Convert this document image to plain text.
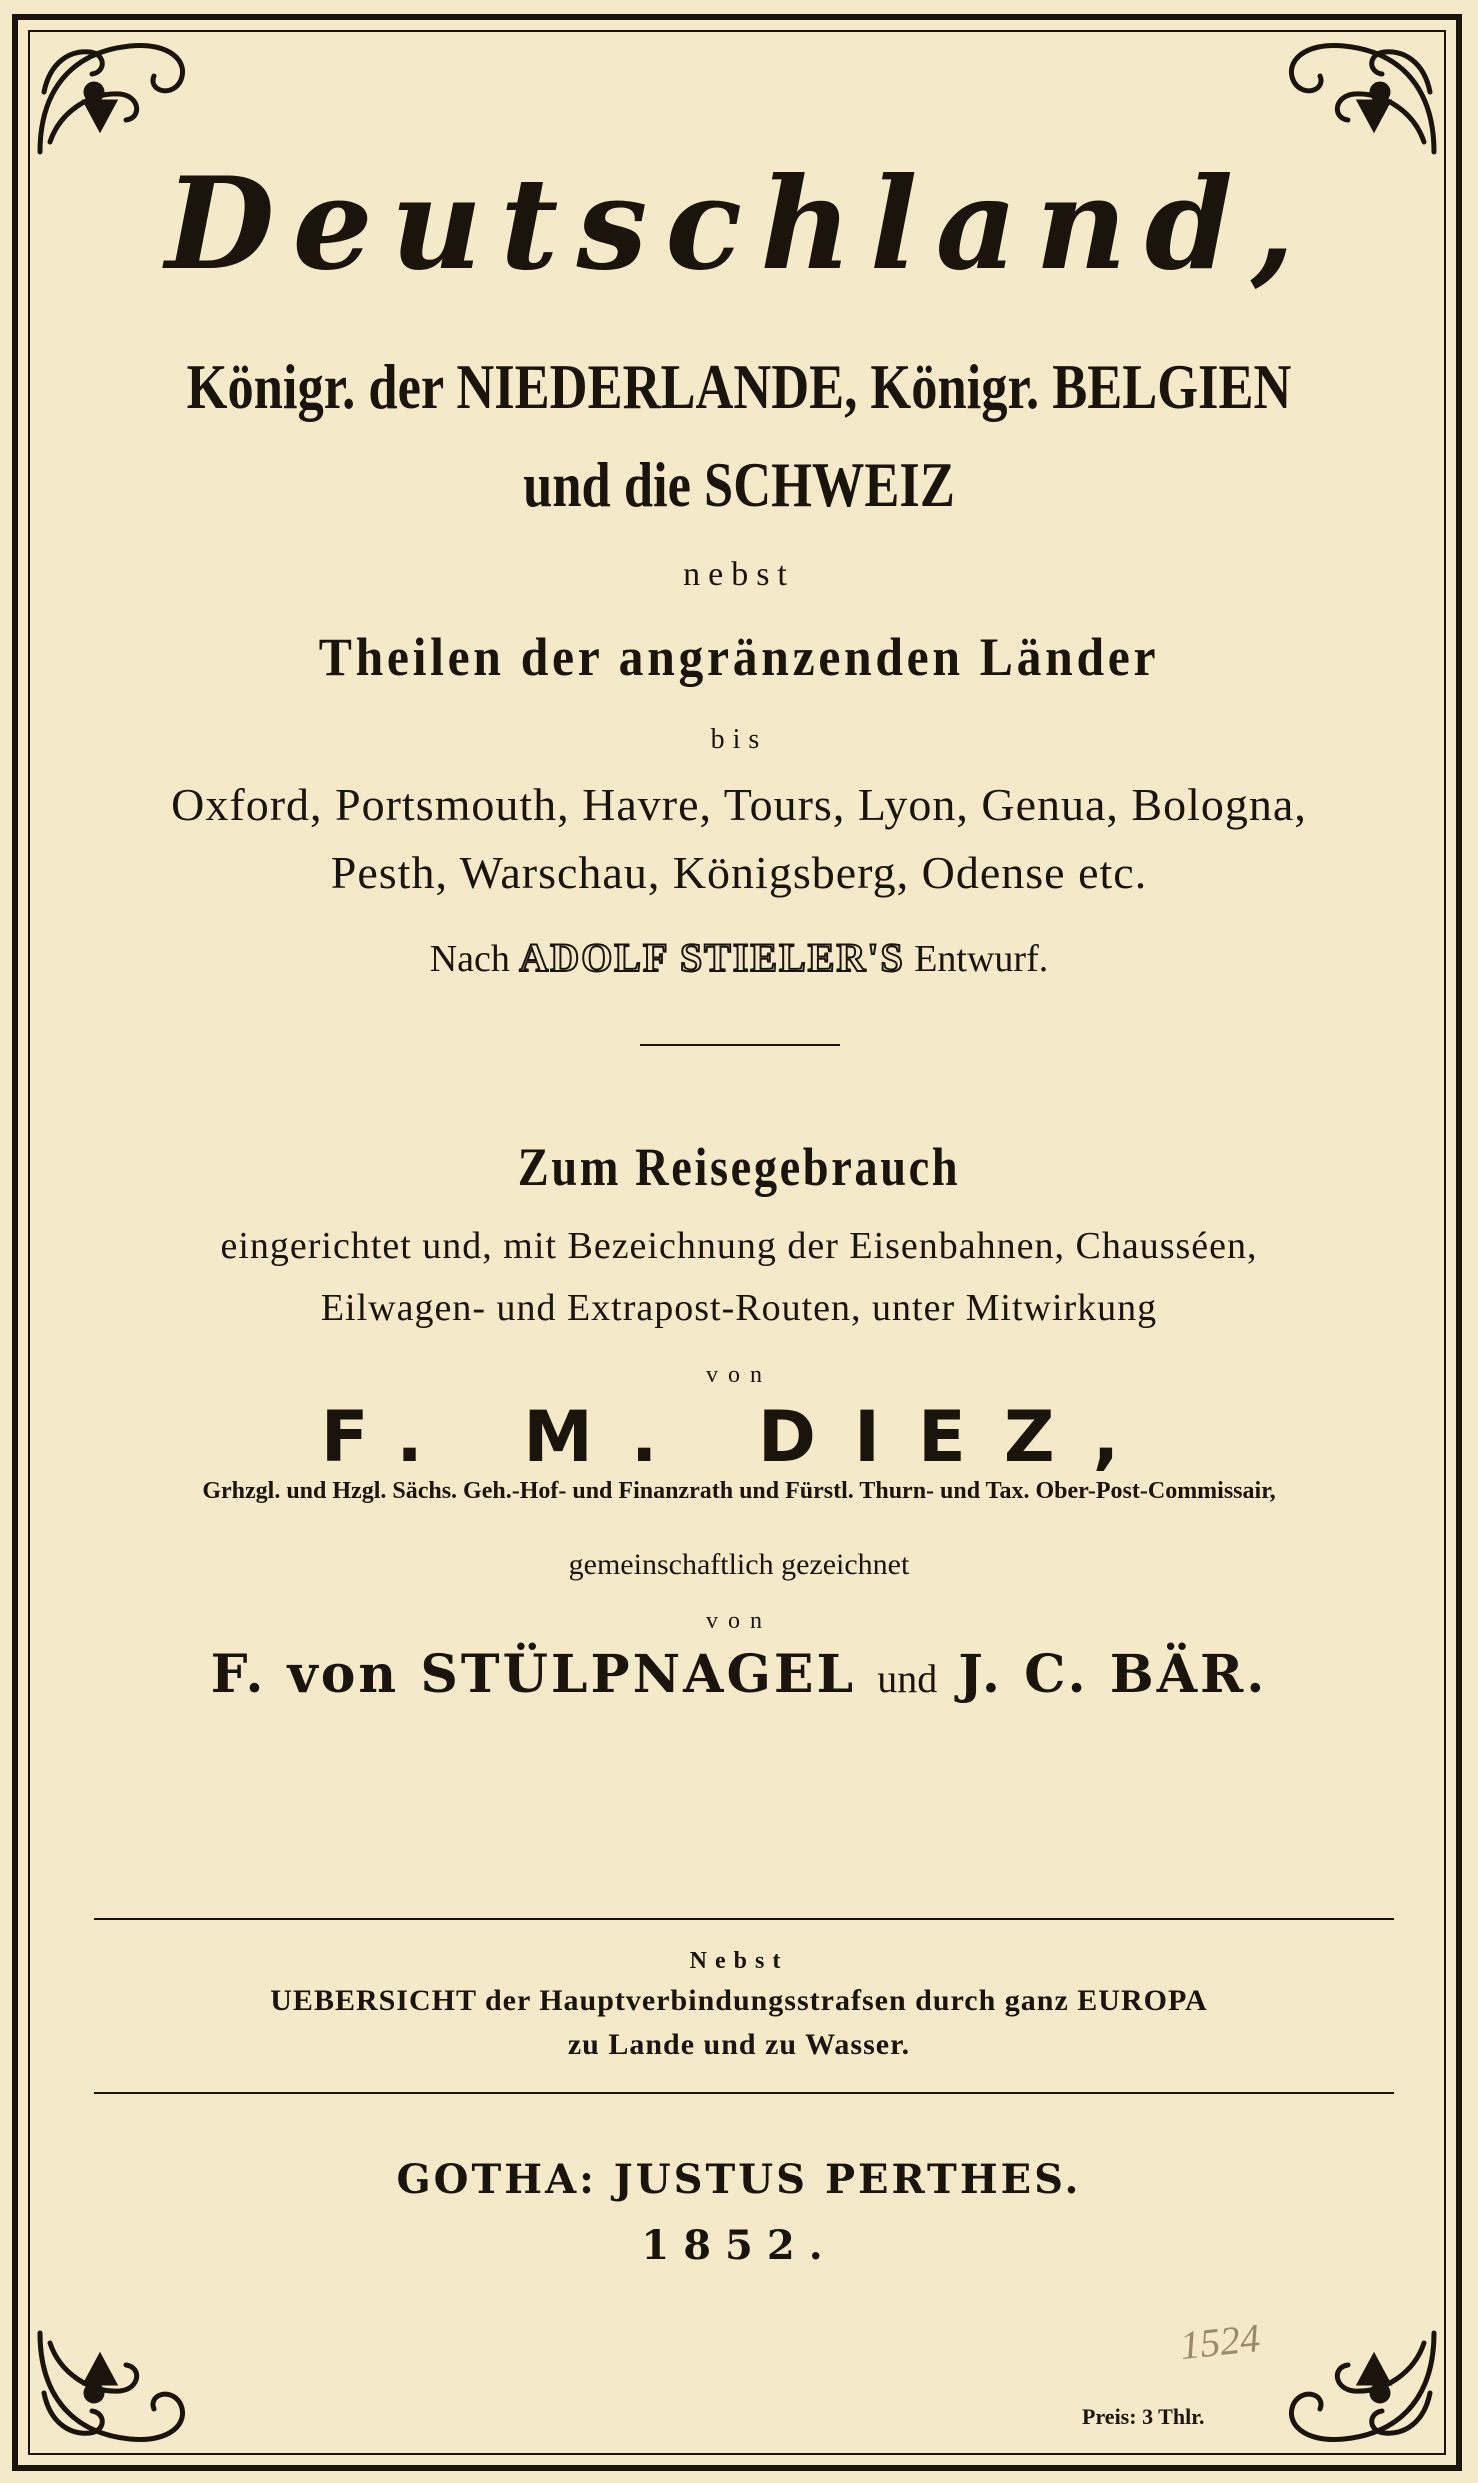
Deutschland,
Königr. der NIEDERLANDE, Königr. BELGIEN
und die SCHWEIZ
nebst
Theilen der angränzenden Länder
bis
Oxford, Portsmouth, Havre, Tours, Lyon, Genua, Bologna,
Pesth, Warschau, Königsberg, Odense etc.
Nach ADOLF STIELER'S Entwurf.
Zum Reisegebrauch
eingerichtet und, mit Bezeichnung der Eisenbahnen, Chausséen,
Eilwagen- und Extrapost-Routen, unter Mitwirkung
von
F. M. DIEZ,
Grhzgl. und Hzgl. Sächs. Geh.-Hof- und Finanzrath und Fürstl. Thurn- und Tax. Ober-Post-Commissair,
gemeinschaftlich gezeichnet
von
F. von STÜLPNAGEL und J. C. BÄR.
Nebst
UEBERSICHT der Hauptverbindungsstrafsen durch ganz EUROPA
zu Lande und zu Wasser.
GOTHA: JUSTUS PERTHES.
1852.
1524
Preis: 3 Thlr.
